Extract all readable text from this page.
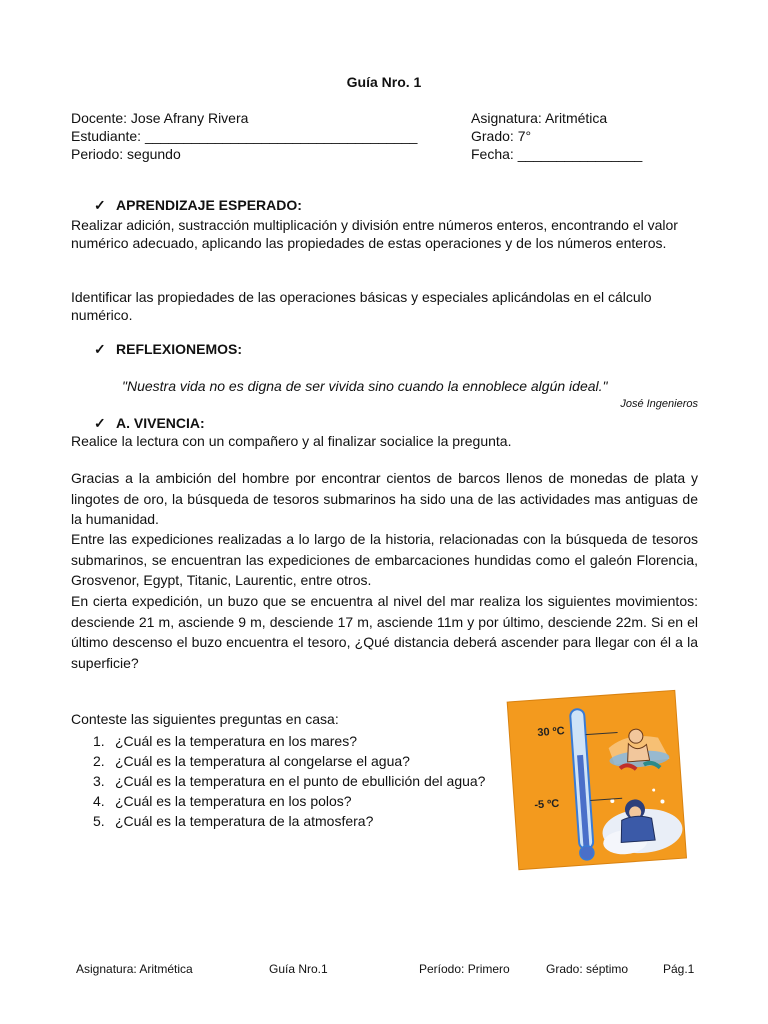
Guía Nro. 1
Docente: Jose Afrany Rivera
Estudiante: ___________________________________
Periodo: segundo
Asignatura: Aritmética
Grado: 7°
Fecha: ________________
✓ APRENDIZAJE ESPERADO:
Realizar adición, sustracción multiplicación y división entre números enteros, encontrando el valor numérico adecuado, aplicando las propiedades de estas operaciones y de los números enteros.
Identificar las propiedades de las operaciones básicas y especiales aplicándolas en el cálculo numérico.
✓ REFLEXIONEMOS:
"Nuestra vida no es digna de ser vivida sino cuando la ennoblece algún ideal."
José Ingenieros
✓ A. VIVENCIA:
Realice la lectura con un compañero y al finalizar socialice la pregunta.
Gracias a la ambición del hombre por encontrar cientos de barcos llenos de monedas de plata y lingotes de oro, la búsqueda de tesoros submarinos ha sido una de las actividades mas antiguas de la humanidad.
Entre las expediciones realizadas a lo largo de la historia, relacionadas con la búsqueda de tesoros submarinos, se encuentran las expediciones de embarcaciones hundidas como el galeón Florencia, Grosvenor, Egypt, Titanic, Laurentic, entre otros.
En cierta expedición, un buzo que se encuentra al nivel del mar realiza los siguientes movimientos: desciende 21 m, asciende 9 m, desciende 17 m, asciende 11m y por último, desciende 22m. Si en el último descenso el buzo encuentra el tesoro, ¿Qué distancia deberá ascender para llegar con él a la superficie?
Conteste las siguientes preguntas en casa:
1. ¿Cuál es la temperatura en los mares?
2. ¿Cuál es la temperatura al congelarse el agua?
3. ¿Cuál es la temperatura en el punto de ebullición del agua?
4. ¿Cuál es la temperatura en los polos?
5. ¿Cuál es la temperatura de la atmosfera?
30 ºC
-5 ºC
Asignatura: Aritmética	Guía Nro.1	Período: Primero	Grado: séptimo	Pág.1
